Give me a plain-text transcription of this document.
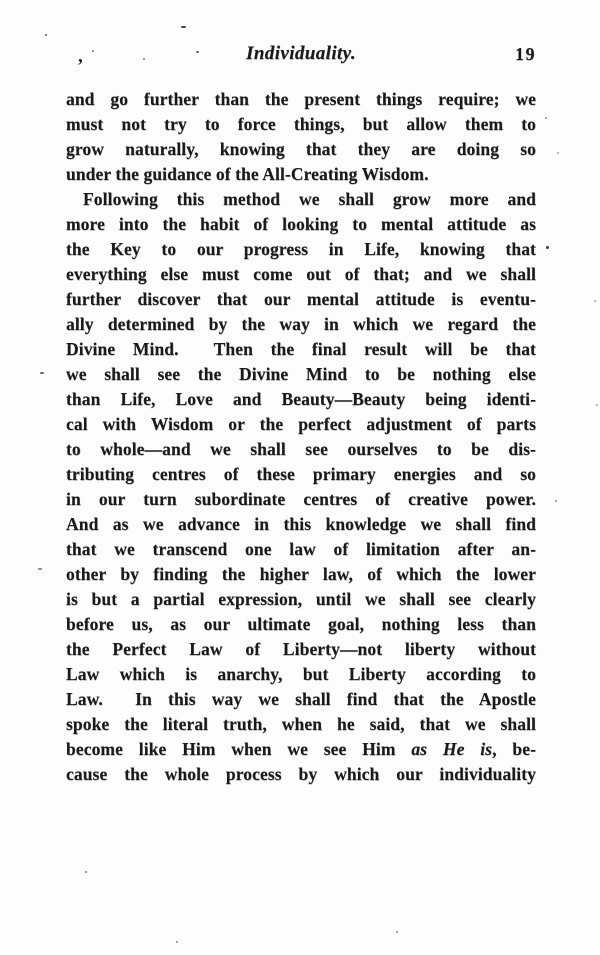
Individuality.	19
and go further than the present things require; we
must not try to force things, but allow them to
grow naturally, knowing that they are doing so
under the guidance of the All-Creating Wisdom.
Following this method we shall grow more and
more into the habit of looking to mental attitude as
the Key to our progress in Life, knowing that
everything else must come out of that; and we shall
further discover that our mental attitude is eventu-
ally determined by the way in which we regard the
Divine Mind.  Then the final result will be that
we shall see the Divine Mind to be nothing else
than Life, Love and Beauty—Beauty being identi-
cal with Wisdom or the perfect adjustment of parts
to whole—and we shall see ourselves to be dis-
tributing centres of these primary energies and so
in our turn subordinate centres of creative power.
And as we advance in this knowledge we shall find
that we transcend one law of limitation after an-
other by finding the higher law, of which the lower
is but a partial expression, until we shall see clearly
before us, as our ultimate goal, nothing less than
the Perfect Law of Liberty—not liberty without
Law which is anarchy, but Liberty according to
Law.  In this way we shall find that the Apostle
spoke the literal truth, when he said, that we shall
become like Him when we see Him as He is, be-
cause the whole process by which our individuality
,
